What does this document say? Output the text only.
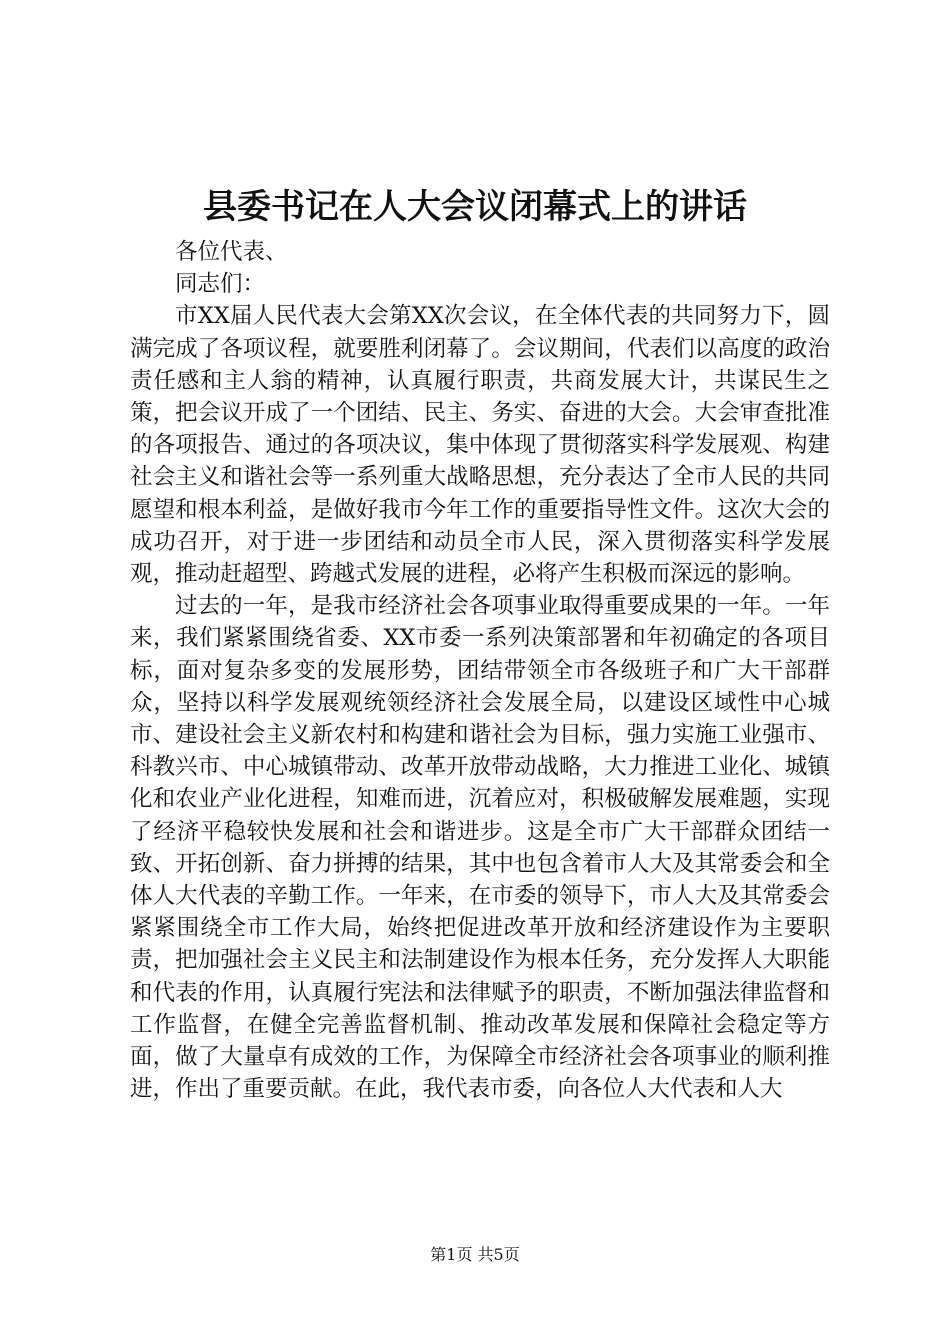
县委书记在人大会议闭幕式上的讲话

各位代表、

同志们：

市XX届人民代表大会第XX次会议，在全体代表的共同努力下，圆满完成了各项议程，就要胜利闭幕了。会议期间，代表们以高度的政治责任感和主人翁的精神，认真履行职责，共商发展大计，共谋民生之策，把会议开成了一个团结、民主、务实、奋进的大会。大会审查批准的各项报告、通过的各项决议，集中体现了贯彻落实科学发展观、构建社会主义和谐社会等一系列重大战略思想，充分表达了全市人民的共同愿望和根本利益，是做好我市今年工作的重要指导性文件。这次大会的成功召开，对于进一步团结和动员全市人民，深入贯彻落实科学发展观，推动赶超型、跨越式发展的进程，必将产生积极而深远的影响。

过去的一年，是我市经济社会各项事业取得重要成果的一年。一年来，我们紧紧围绕省委、XX市委一系列决策部署和年初确定的各项目标，面对复杂多变的发展形势，团结带领全市各级班子和广大干部群众，坚持以科学发展观统领经济社会发展全局，以建设区域性中心城市、建设社会主义新农村和构建和谐社会为目标，强力实施工业强市、科教兴市、中心城镇带动、改革开放带动战略，大力推进工业化、城镇化和农业产业化进程，知难而进，沉着应对，积极破解发展难题，实现了经济平稳较快发展和社会和谐进步。这是全市广大干部群众团结一致、开拓创新、奋力拼搏的结果，其中也包含着市人大及其常委会和全体人大代表的辛勤工作。一年来，在市委的领导下，市人大及其常委会紧紧围绕全市工作大局，始终把促进改革开放和经济建设作为主要职责，把加强社会主义民主和法制建设作为根本任务，充分发挥人大职能和代表的作用，认真履行宪法和法律赋予的职责，不断加强法律监督和工作监督，在健全完善监督机制、推动改革发展和保障社会稳定等方面，做了大量卓有成效的工作，为保障全市经济社会各项事业的顺利推进，作出了重要贡献。在此，我代表市委，向各位人大代表和人大

第1页 共5页
